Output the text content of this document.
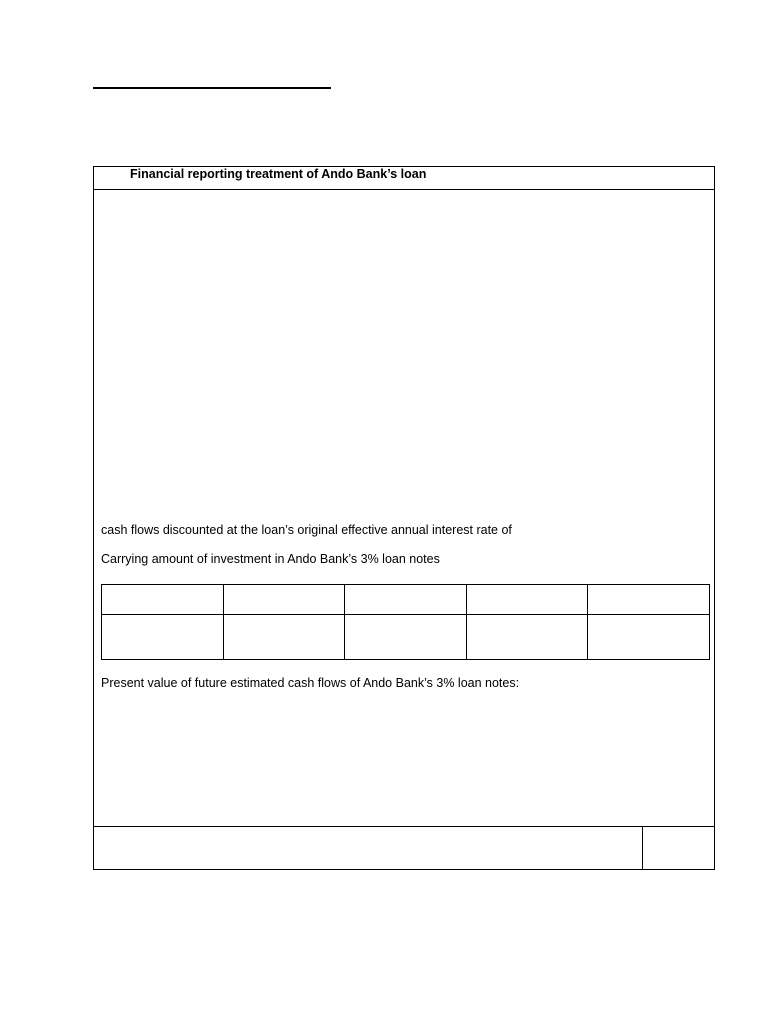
Financial reporting treatment of Ando Bank’s loan
cash flows discounted at the loan’s original effective annual interest rate of
Carrying amount of investment in Ando Bank’s 3% loan notes

Present value of future estimated cash flows of Ando Bank’s 3% loan notes:
